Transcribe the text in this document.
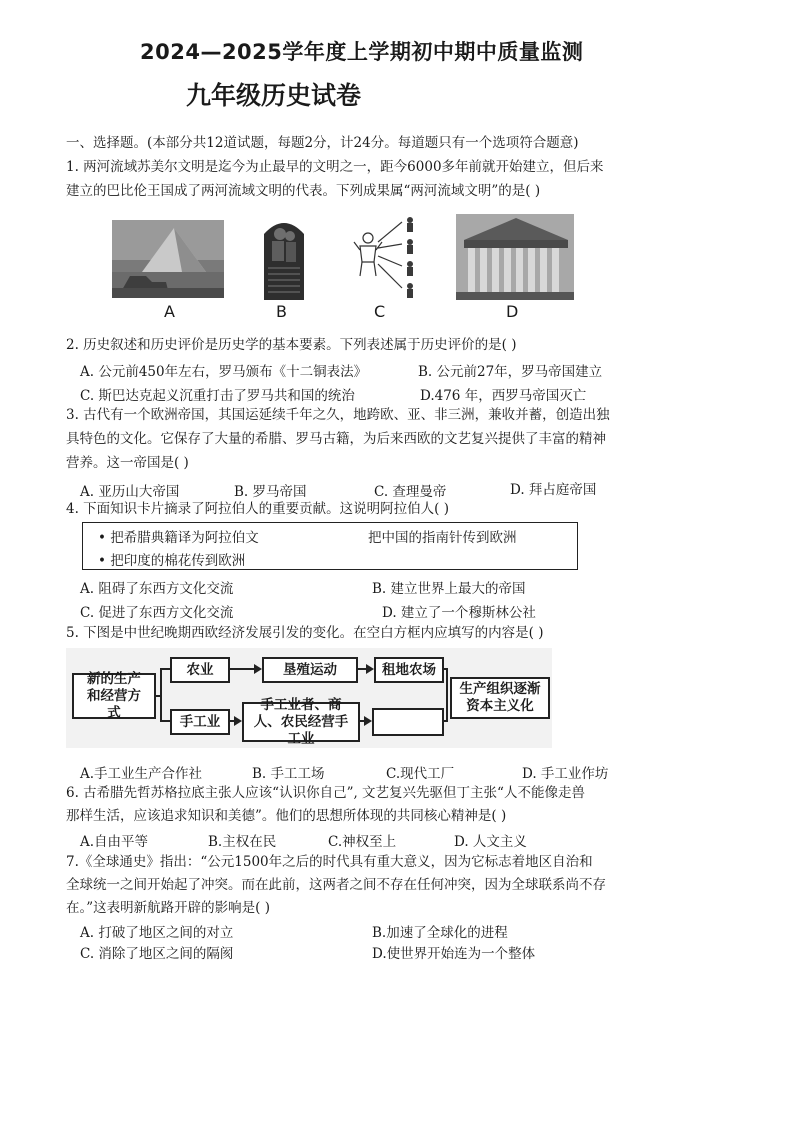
2024—2025学年度上学期初中期中质量监测
九年级历史试卷
一、选择题。(本部分共12道试题，每题2分，计24分。每道题只有一个选项符合题意)
1. 两河流域苏美尔文明是迄今为止最早的文明之一，距今6000多年前就开始建立，但后来
建立的巴比伦王国成了两河流域文明的代表。下列成果属“两河流域文明”的是( )
A	B	C	D
2. 历史叙述和历史评价是历史学的基本要素。下列表述属于历史评价的是( )
A. 公元前450年左右，罗马颁布《十二铜表法》	B. 公元前27年，罗马帝国建立
C. 斯巴达克起义沉重打击了罗马共和国的统治	D.476 年，西罗马帝国灭亡
3. 古代有一个欧洲帝国，其国运延续千年之久，地跨欧、亚、非三洲，兼收并蓄，创造出独
具特色的文化。它保存了大量的希腊、罗马古籍，为后来西欧的文艺复兴提供了丰富的精神
营养。这一帝国是( )
A. 亚历山大帝国	B. 罗马帝国	C. 查理曼帝	D. 拜占庭帝国
4. 下面知识卡片摘录了阿拉伯人的重要贡献。这说明阿拉伯人( )
• 把希腊典籍译为阿拉伯文	把中国的指南针传到欧洲
• 把印度的棉花传到欧洲
A. 阻碍了东西方文化交流	B. 建立世界上最大的帝国
C. 促进了东西方文化交流	D. 建立了一个穆斯林公社
5. 下图是中世纪晚期西欧经济发展引发的变化。在空白方框内应填写的内容是( )
新的生产和经营方式
农业	垦殖运动	租地农场
手工业
手工业者、商人、农民经营手工业
生产组织逐渐资本主义化
A.手工业生产合作社	B. 手工工场	C.现代工厂	D. 手工业作坊
6. 古希腊先哲苏格拉底主张人应该“认识你自己”, 文艺复兴先驱但丁主张“人不能像走兽
那样生活，应该追求知识和美德”。他们的思想所体现的共同核心精神是( )
A.自由平等	B.主权在民	C.神权至上	D. 人文主义
7.《全球通史》指出：“公元1500年之后的时代具有重大意义，因为它标志着地区自治和
全球统一之间开始起了冲突。而在此前，这两者之间不存在任何冲突，因为全球联系尚不存
在。”这表明新航路开辟的影响是( )
A. 打破了地区之间的对立	B.加速了全球化的进程
C. 消除了地区之间的隔阂	D.使世界开始连为一个整体
